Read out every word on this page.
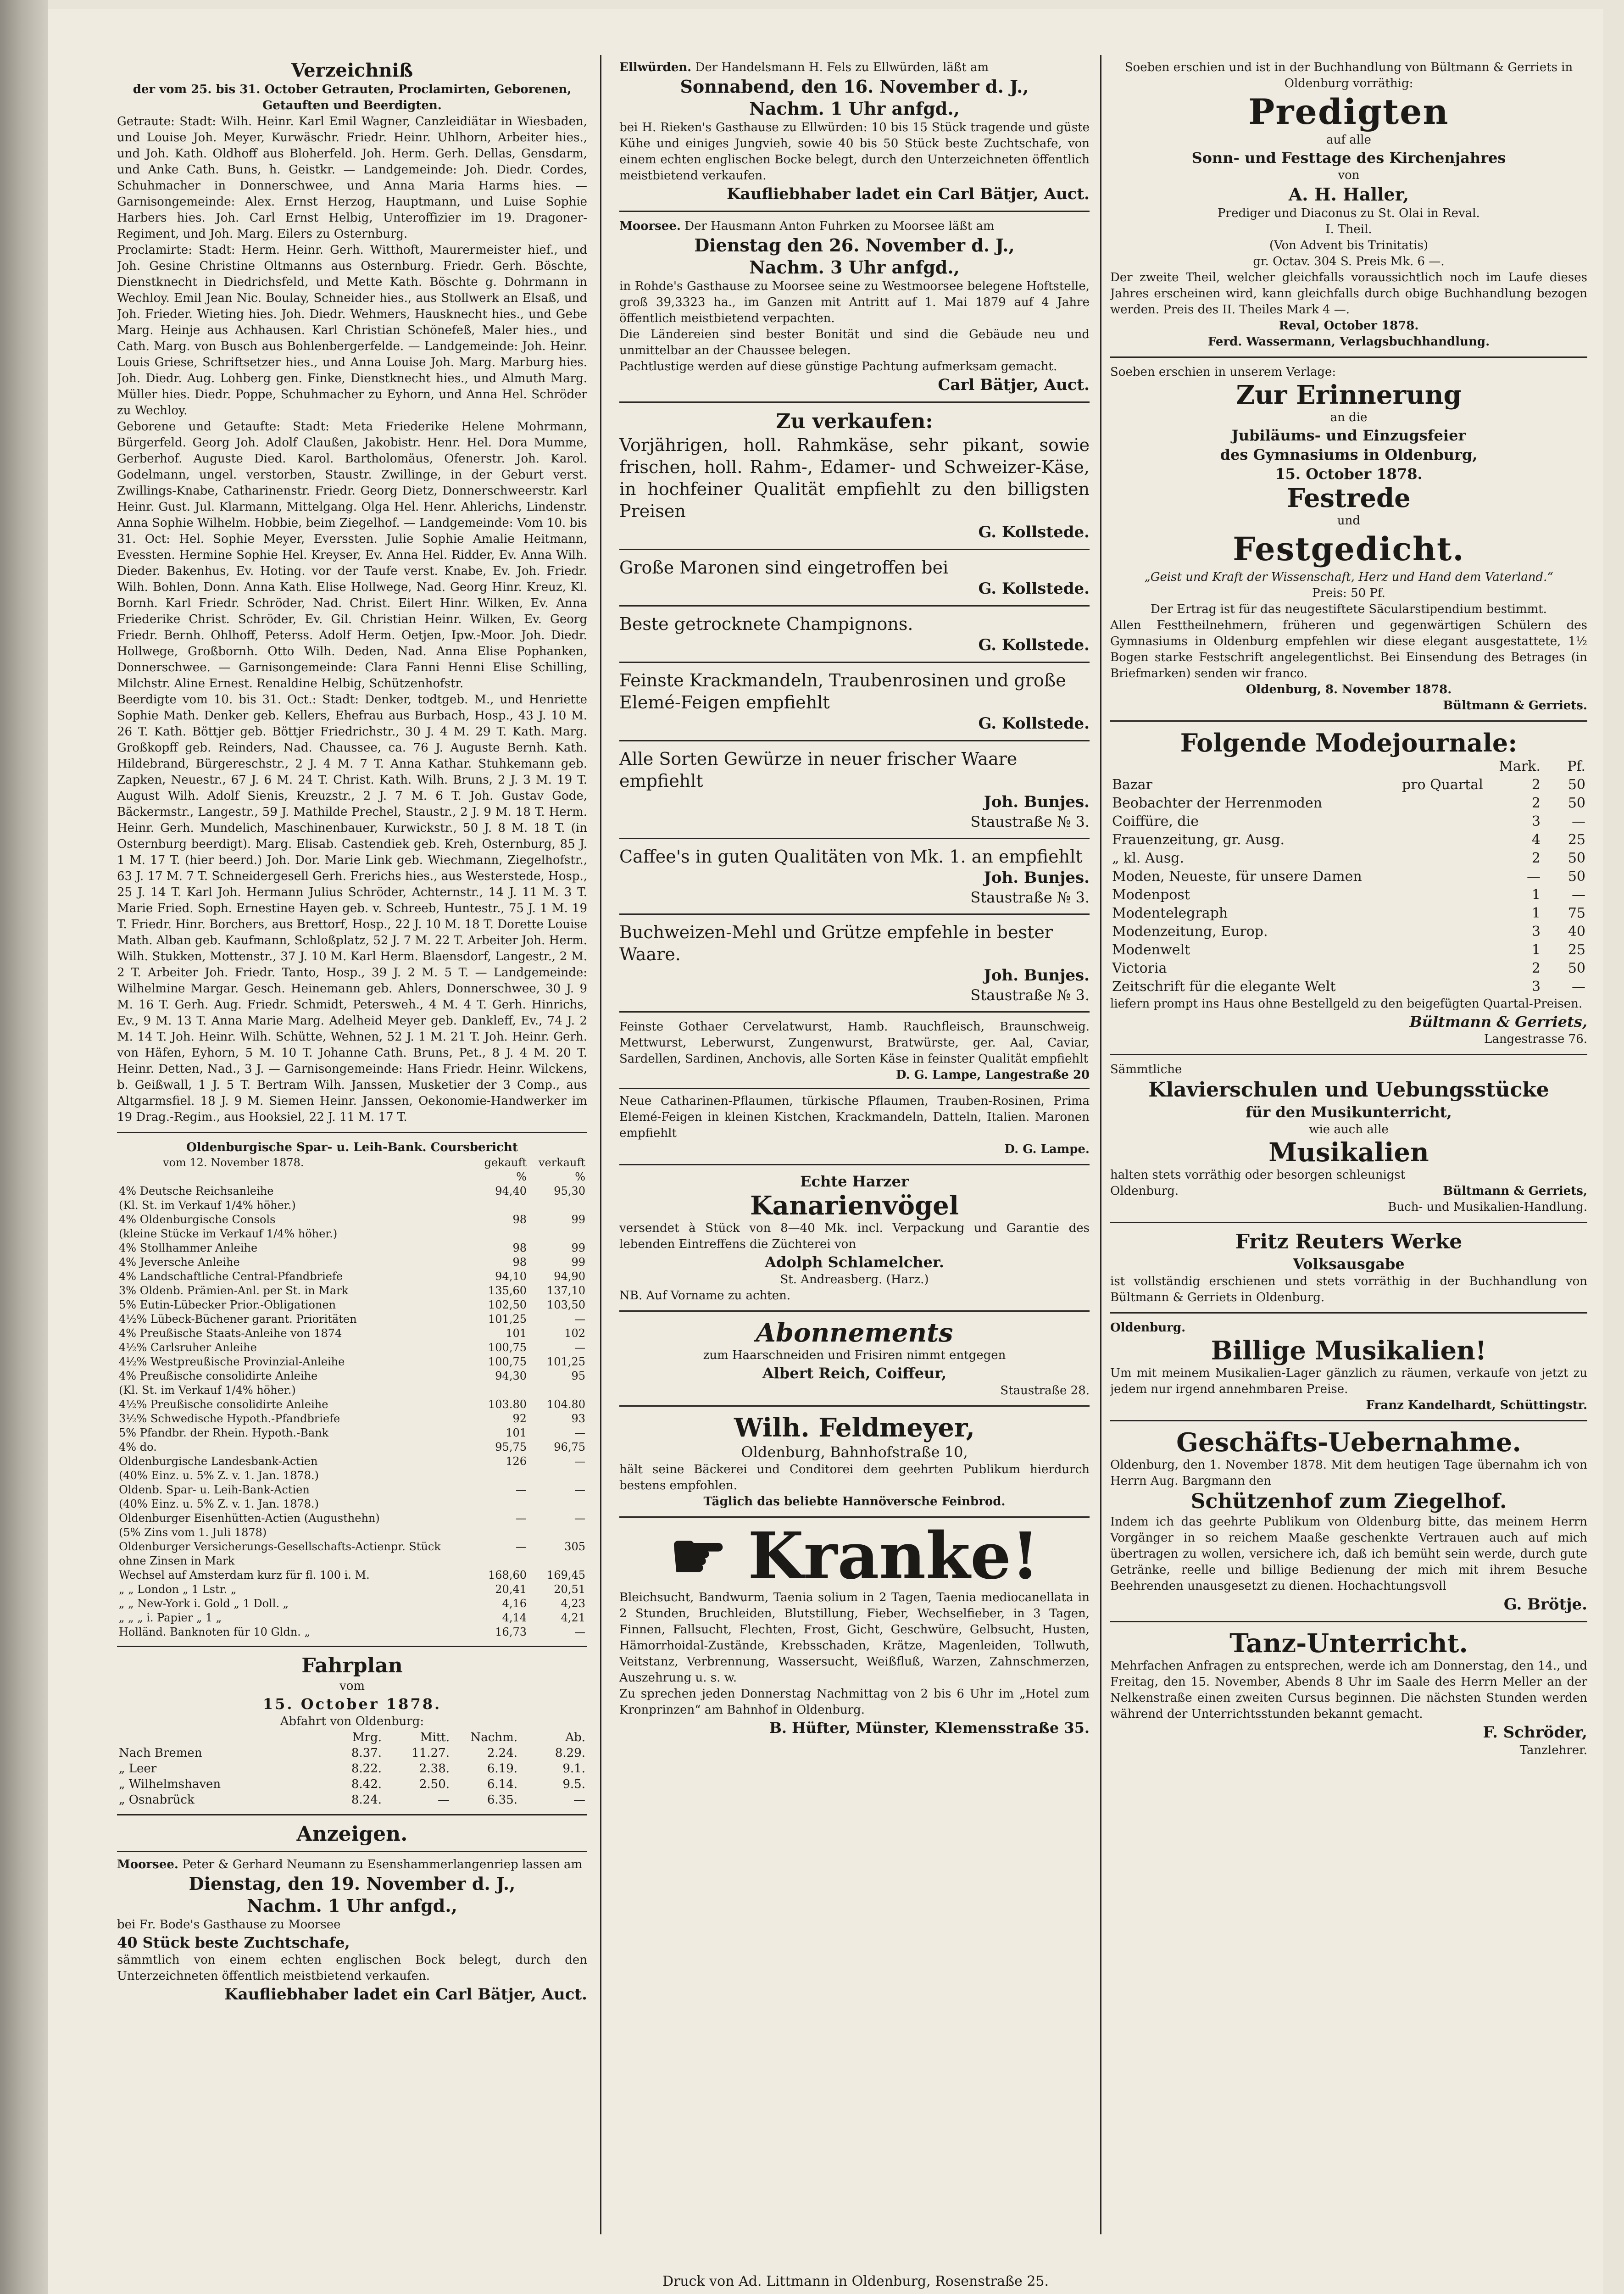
Verzeichniß

der vom 25. bis 31. October Getrauten, Proclamirten, Geborenen, Getauften und Beerdigten.

Getraute: Stadt: Wilh. Heinr. Karl Emil Wagner, Canzleidiätar in Wiesbaden, und Louise Joh. Meyer, Kurwäschr. Friedr. Heinr. Uhlhorn, Arbeiter hies., und Joh. Kath. Oldhoff aus Bloherfeld. Joh. Herm. Gerh. Dellas, Gensdarm, und Anke Cath. Buns, h. Geistkr. — Landgemeinde: Joh. Diedr. Cordes, Schuhmacher in Donnerschwee, und Anna Maria Harms hies. — Garnisongemeinde: Alex. Ernst Herzog, Hauptmann, und Luise Sophie Harbers hies. Joh. Carl Ernst Helbig, Unteroffizier im 19. Dragoner-Regiment, und Joh. Marg. Eilers zu Osternburg.

Proclamirte: Stadt: Herm. Heinr. Gerh. Witthoft, Maurermeister hief., und Joh. Gesine Christine Oltmanns aus Osternburg. Friedr. Gerh. Böschte, Dienstknecht in Diedrichsfeld, und Mette Kath. Böschte g. Dohrmann in Wechloy. Emil Jean Nic. Boulay, Schneider hies., aus Stollwerk an Elsaß, und Joh. Frieder. Wieting hies. Joh. Diedr. Wehmers, Hausknecht hies., und Gebe Marg. Heinje aus Achhausen. Karl Christian Schönefeß, Maler hies., und Cath. Marg. von Busch aus Bohlenbergerfelde. — Landgemeinde: Joh. Heinr. Louis Griese, Schriftsetzer hies., und Anna Louise Joh. Marg. Marburg hies. Joh. Diedr. Aug. Lohberg gen. Finke, Dienstknecht hies., und Almuth Marg. Müller hies. Diedr. Poppe, Schuhmacher zu Eyhorn, und Anna Hel. Schröder zu Wechloy.

Geborene und Getaufte: Stadt: Meta Friederike Helene Mohrmann, Bürgerfeld. Georg Joh. Adolf Claußen, Jakobistr. Henr. Hel. Dora Mumme, Gerberhof. Auguste Died. Karol. Bartholomäus, Ofenerstr. Joh. Karol. Godelmann, ungel. verstorben, Staustr. Zwillinge, in der Geburt verst. Zwillings-Knabe, Catharinenstr. Friedr. Georg Dietz, Donnerschweerstr. Karl Heinr. Gust. Jul. Klarmann, Mittelgang. Olga Hel. Henr. Ahlerichs, Lindenstr. Anna Sophie Wilhelm. Hobbie, beim Ziegelhof. — Landgemeinde: Vom 10. bis 31. Oct: Hel. Sophie Meyer, Everssten. Julie Sophie Amalie Heitmann, Evessten. Hermine Sophie Hel. Kreyser, Ev. Anna Hel. Ridder, Ev. Anna Wilh. Dieder. Bakenhus, Ev. Hoting. vor der Taufe verst. Knabe, Ev. Joh. Friedr. Wilh. Bohlen, Donn. Anna Kath. Elise Hollwege, Nad. Georg Hinr. Kreuz, Kl. Bornh. Karl Friedr. Schröder, Nad. Christ. Eilert Hinr. Wilken, Ev. Anna Friederike Christ. Schröder, Ev. Gil. Christian Heinr. Wilken, Ev. Georg Friedr. Bernh. Ohlhoff, Peterss. Adolf Herm. Oetjen, Ipw.-Moor. Joh. Diedr. Hollwege, Großbornh. Otto Wilh. Deden, Nad. Anna Elise Pophanken, Donnerschwee. — Garnisongemeinde: Clara Fanni Henni Elise Schilling, Milchstr. Aline Ernest. Renaldine Helbig, Schützenhofstr.

Beerdigte vom 10. bis 31. Oct.: Stadt: Denker, todtgeb. M., und Henriette Sophie Math. Denker geb. Kellers, Ehefrau aus Burbach, Hosp., 43 J. 10 M. 26 T. Kath. Böttjer geb. Böttjer Friedrichstr., 30 J. 4 M. 29 T. Kath. Marg. Großkopff geb. Reinders, Nad. Chaussee, ca. 76 J. Auguste Bernh. Kath. Hildebrand, Bürgereschstr., 2 J. 4 M. 7 T. Anna Kathar. Stuhkemann geb. Zapken, Neuestr., 67 J. 6 M. 24 T. Christ. Kath. Wilh. Bruns, 2 J. 3 M. 19 T. August Wilh. Adolf Sienis, Kreuzstr., 2 J. 7 M. 6 T. Joh. Gustav Gode, Bäckermstr., Langestr., 59 J. Mathilde Prechel, Staustr., 2 J. 9 M. 18 T. Herm. Heinr. Gerh. Mundelich, Maschinenbauer, Kurwickstr., 50 J. 8 M. 18 T. (in Osternburg beerdigt). Marg. Elisab. Castendiek geb. Kreh, Osternburg, 85 J. 1 M. 17 T. (hier beerd.) Joh. Dor. Marie Link geb. Wiechmann, Ziegelhofstr., 63 J. 17 M. 7 T. Schneidergesell Gerh. Frerichs hies., aus Westerstede, Hosp., 25 J. 14 T. Karl Joh. Hermann Julius Schröder, Achternstr., 14 J. 11 M. 3 T. Marie Fried. Soph. Ernestine Hayen geb. v. Schreeb, Huntestr., 75 J. 1 M. 19 T. Friedr. Hinr. Borchers, aus Brettorf, Hosp., 22 J. 10 M. 18 T. Dorette Louise Math. Alban geb. Kaufmann, Schloßplatz, 52 J. 7 M. 22 T. Arbeiter Joh. Herm. Wilh. Stukken, Mottenstr., 37 J. 10 M. Karl Herm. Blaensdorf, Langestr., 2 M. 2 T. Arbeiter Joh. Friedr. Tanto, Hosp., 39 J. 2 M. 5 T. — Landgemeinde: Wilhelmine Margar. Gesch. Heinemann geb. Ahlers, Donnerschwee, 30 J. 9 M. 16 T. Gerh. Aug. Friedr. Schmidt, Petersweh., 4 M. 4 T. Gerh. Hinrichs, Ev., 9 M. 13 T. Anna Marie Marg. Adelheid Meyer geb. Dankleff, Ev., 74 J. 2 M. 14 T. Joh. Heinr. Wilh. Schütte, Wehnen, 52 J. 1 M. 21 T. Joh. Heinr. Gerh. von Häfen, Eyhorn, 5 M. 10 T. Johanne Cath. Bruns, Pet., 8 J. 4 M. 20 T. Heinr. Detten, Nad., 3 J. — Garnisongemeinde: Hans Friedr. Heinr. Wilckens, b. Geißwall, 1 J. 5 T. Bertram Wilh. Janssen, Musketier der 3 Comp., aus Altgarmsfiel. 18 J. 9 M. Siemen Heinr. Janssen, Oekonomie-Handwerker im 19 Drag.-Regim., aus Hooksiel, 22 J. 11 M. 17 T.

Oldenburgische Spar- u. Leih-Bank. Coursbericht

vom 12. November 1878.	gekauft	verkauft
	%	%
4% Deutsche Reichsanleihe	94,40	95,30
(Kl. St. im Verkauf 1/4% höher.)		
4% Oldenburgische Consols	98	99
(kleine Stücke im Verkauf 1/4% höher.)		
4% Stollhammer Anleihe	98	99
4% Jeversche Anleihe	98	99
4% Landschaftliche Central-Pfandbriefe	94,10	94,90
3% Oldenb. Prämien-Anl. per St. in Mark	135,60	137,10
5% Eutin-Lübecker Prior.-Obligationen	102,50	103,50
4½% Lübeck-Büchener garant. Prioritäten	101,25	—
4% Preußische Staats-Anleihe von 1874	101	102
4½% Carlsruher Anleihe	100,75	—
4½% Westpreußische Provinzial-Anleihe	100,75	101,25
4% Preußische consolidirte Anleihe	94,30	95
(Kl. St. im Verkauf 1/4% höher.)		
4½% Preußische consolidirte Anleihe	103.80	104.80
3½% Schwedische Hypoth.-Pfandbriefe	92	93
5% Pfandbr. der Rhein. Hypoth.-Bank	101	—
4% do.	95,75	96,75
Oldenburgische Landesbank-Actien	126	—
(40% Einz. u. 5% Z. v. 1. Jan. 1878.)		
Oldenb. Spar- u. Leih-Bank-Actien	—	—
(40% Einz. u. 5% Z. v. 1. Jan. 1878.)		
Oldenburger Eisenhütten-Actien (Augusthehn)	—	—
(5% Zins vom 1. Juli 1878)		
Oldenburger Versicherungs-Gesellschafts-Actienpr. Stück ohne Zinsen in Mark	—	305
Wechsel auf Amsterdam kurz für fl. 100 i. M.	168,60	169,45
„ „ London „ 1 Lstr. „	20,41	20,51
„ „ New-York i. Gold „ 1 Doll. „	4,16	4,23
„ „ „ i. Papier „ 1 „	4,14	4,21
Holländ. Banknoten für 10 Gldn. „	16,73	—

Fahrplan

vom

15. October 1878.

Abfahrt von Oldenburg:

	Mrg.	Mitt.	Nachm.	Ab.
Nach Bremen	8.37.	11.27.	2.24.	8.29.
„ Leer	8.22.	2.38.	6.19.	9.1.
„ Wilhelmshaven	8.42.	2.50.	6.14.	9.5.
„ Osnabrück	8.24.	—	6.35.	—

Anzeigen.

Moorsee. Peter & Gerhard Neumann zu Esenshammerlangenriep lassen am

Dienstag, den 19. November d. J.,

Nachm. 1 Uhr anfgd.,

bei Fr. Bode's Gasthause zu Moorsee

40 Stück beste Zuchtschafe,

sämmtlich von einem echten englischen Bock belegt, durch den Unterzeichneten öffentlich meistbietend verkaufen.

Kaufliebhaber ladet ein Carl Bätjer, Auct.

Ellwürden. Der Handelsmann H. Fels zu Ellwürden, läßt am

Sonnabend, den 16. November d. J.,

Nachm. 1 Uhr anfgd.,

bei H. Rieken's Gasthause zu Ellwürden: 10 bis 15 Stück tragende und güste Kühe und einiges Jungvieh, sowie 40 bis 50 Stück beste Zuchtschafe, von einem echten englischen Bocke belegt, durch den Unterzeichneten öffentlich meistbietend verkaufen.

Kaufliebhaber ladet ein Carl Bätjer, Auct.

Moorsee. Der Hausmann Anton Fuhrken zu Moorsee läßt am

Dienstag den 26. November d. J.,

Nachm. 3 Uhr anfgd.,

in Rohde's Gasthause zu Moorsee seine zu Westmoorsee belegene Hoftstelle, groß 39,3323 ha., im Ganzen mit Antritt auf 1. Mai 1879 auf 4 Jahre öffentlich meistbietend verpachten.

Die Ländereien sind bester Bonität und sind die Gebäude neu und unmittelbar an der Chaussee belegen.

Pachtlustige werden auf diese günstige Pachtung aufmerksam gemacht.

Carl Bätjer, Auct.

Zu verkaufen:

Vorjährigen, holl. Rahmkäse, sehr pikant, sowie frischen, holl. Rahm-, Edamer- und Schweizer-Käse, in hochfeiner Qualität empfiehlt zu den billigsten Preisen

G. Kollstede.

Große Maronen sind eingetroffen bei

G. Kollstede.

Beste getrocknete Champignons.

G. Kollstede.

Feinste Krackmandeln, Traubenrosinen und große Elemé-Feigen empfiehlt

G. Kollstede.

Alle Sorten Gewürze in neuer frischer Waare empfiehlt

Joh. Bunjes.

Staustraße № 3.

Caffee's in guten Qualitäten von Mk. 1. an empfiehlt

Joh. Bunjes.

Staustraße № 3.

Buchweizen-Mehl und Grütze empfehle in bester Waare.

Joh. Bunjes.

Staustraße № 3.

Feinste Gothaer Cervelatwurst, Hamb. Rauchfleisch, Braunschweig. Mettwurst, Leberwurst, Zungenwurst, Bratwürste, ger. Aal, Caviar, Sardellen, Sardinen, Anchovis, alle Sorten Käse in feinster Qualität empfiehlt

D. G. Lampe, Langestraße 20

Neue Catharinen-Pflaumen, türkische Pflaumen, Trauben-Rosinen, Prima Elemé-Feigen in kleinen Kistchen, Krackmandeln, Datteln, Italien. Maronen empfiehlt

D. G. Lampe.

Echte Harzer

Kanarienvögel

versendet à Stück von 8—40 Mk. incl. Verpackung und Garantie des lebenden Eintreffens die Züchterei von

Adolph Schlamelcher.

St. Andreasberg. (Harz.)

NB. Auf Vorname zu achten.

Abonnements

zum Haarschneiden und Frisiren nimmt entgegen

Albert Reich, Coiffeur,

Staustraße 28.

Wilh. Feldmeyer,

Oldenburg, Bahnhofstraße 10,

hält seine Bäckerei und Conditorei dem geehrten Publikum hierdurch bestens empfohlen.

Täglich das beliebte Hannöversche Feinbrod.

☛ Kranke!

Bleichsucht, Bandwurm, Taenia solium in 2 Tagen, Taenia mediocanellata in 2 Stunden, Bruchleiden, Blutstillung, Fieber, Wechselfieber, in 3 Tagen, Finnen, Fallsucht, Flechten, Frost, Gicht, Geschwüre, Gelbsucht, Husten, Hämorrhoidal-Zustände, Krebsschaden, Krätze, Magenleiden, Tollwuth, Veitstanz, Verbrennung, Wassersucht, Weißfluß, Warzen, Zahnschmerzen, Auszehrung u. s. w.

Zu sprechen jeden Donnerstag Nachmittag von 2 bis 6 Uhr im „Hotel zum Kronprinzen“ am Bahnhof in Oldenburg.

B. Hüfter, Münster, Klemensstraße 35.

Soeben erschien und ist in der Buchhandlung von Bültmann & Gerriets in Oldenburg vorräthig:

Predigten

auf alle

Sonn- und Festtage des Kirchenjahres

von

A. H. Haller,

Prediger und Diaconus zu St. Olai in Reval.

I. Theil.

(Von Advent bis Trinitatis)

gr. Octav. 304 S. Preis Mk. 6 —.

Der zweite Theil, welcher gleichfalls voraussichtlich noch im Laufe dieses Jahres erscheinen wird, kann gleichfalls durch obige Buchhandlung bezogen werden. Preis des II. Theiles Mark 4 —.

Reval, October 1878.

Ferd. Wassermann, Verlagsbuchhandlung.

Soeben erschien in unserem Verlage:

Zur Erinnerung

an die

Jubiläums- und Einzugsfeier

des Gymnasiums in Oldenburg,

15. October 1878.

Festrede

und

Festgedicht.

„Geist und Kraft der Wissenschaft, Herz und Hand dem Vaterland.“

Preis: 50 Pf.

Der Ertrag ist für das neugestiftete Säcularstipendium bestimmt.

Allen Festtheilnehmern, früheren und gegenwärtigen Schülern des Gymnasiums in Oldenburg empfehlen wir diese elegant ausgestattete, 1½ Bogen starke Festschrift angelegentlichst. Bei Einsendung des Betrages (in Briefmarken) senden wir franco.

Oldenburg, 8. November 1878.

Bültmann & Gerriets.

Folgende Modejournale:

		Mark.	Pf.
Bazar	pro Quartal	2	50
Beobachter der Herrenmoden		2	50
Coiffüre, die		3	—
Frauenzeitung, gr. Ausg.		4	25
„ kl. Ausg.		2	50
Moden, Neueste, für unsere Damen		—	50
Modenpost		1	—
Modentelegraph		1	75
Modenzeitung, Europ.		3	40
Modenwelt		1	25
Victoria		2	50
Zeitschrift für die elegante Welt		3	—

liefern prompt ins Haus ohne Bestellgeld zu den beigefügten Quartal-Preisen.

Bültmann & Gerriets,

Langestrasse 76.

Sämmtliche

Klavierschulen und Uebungsstücke

für den Musikunterricht,

wie auch alle

Musikalien

halten stets vorräthig oder besorgen schleunigst

Oldenburg.	Bültmann & Gerriets,

Buch- und Musikalien-Handlung.

Fritz Reuters Werke

Volksausgabe

ist vollständig erschienen und stets vorräthig in der Buchhandlung von Bültmann & Gerriets in Oldenburg.

Oldenburg.

Billige Musikalien!

Um mit meinem Musikalien-Lager gänzlich zu räumen, verkaufe von jetzt zu jedem nur irgend annehmbaren Preise.

Franz Kandelhardt, Schüttingstr.

Geschäfts-Uebernahme.

Oldenburg, den 1. November 1878. Mit dem heutigen Tage übernahm ich von Herrn Aug. Bargmann den

Schützenhof zum Ziegelhof.

Indem ich das geehrte Publikum von Oldenburg bitte, das meinem Herrn Vorgänger in so reichem Maaße geschenkte Vertrauen auch auf mich übertragen zu wollen, versichere ich, daß ich bemüht sein werde, durch gute Getränke, reelle und billige Bedienung der mich mit ihrem Besuche Beehrenden unausgesetzt zu dienen. Hochachtungsvoll

G. Brötje.

Tanz-Unterricht.

Mehrfachen Anfragen zu entsprechen, werde ich am Donnerstag, den 14., und Freitag, den 15. November, Abends 8 Uhr im Saale des Herrn Meller an der Nelkenstraße einen zweiten Cursus beginnen. Die nächsten Stunden werden während der Unterrichtsstunden bekannt gemacht.

F. Schröder,

Tanzlehrer.

Druck von Ad. Littmann in Oldenburg, Rosenstraße 25.
